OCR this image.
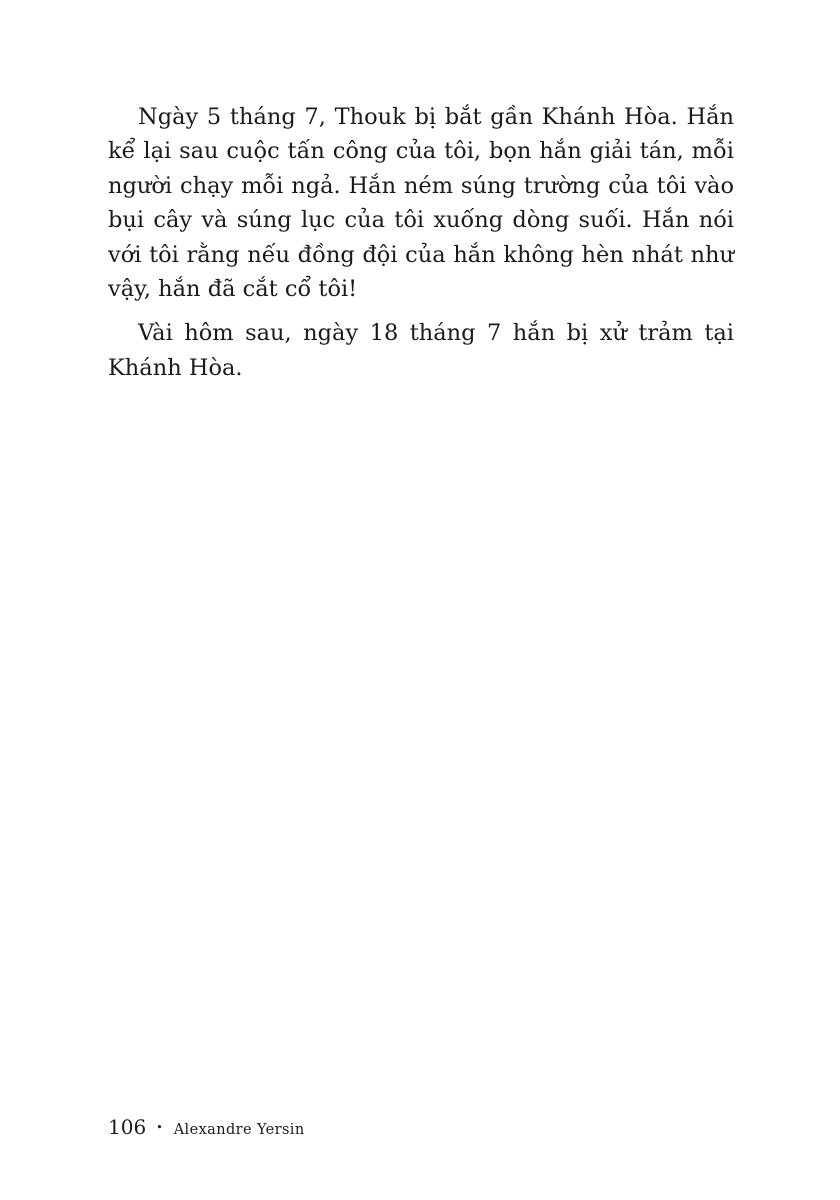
Ngày 5 tháng 7, Thouk bị bắt gần Khánh Hòa. Hắn kể lại sau cuộc tấn công của tôi, bọn hắn giải tán, mỗi người chạy mỗi ngả. Hắn ném súng trường của tôi vào bụi cây và súng lục của tôi xuống dòng suối. Hắn nói với tôi rằng nếu đồng đội của hắn không hèn nhát như vậy, hắn đã cắt cổ tôi!

Vài hôm sau, ngày 18 tháng 7 hắn bị xử trảm tại Khánh Hòa.

106 • Alexandre Yersin
